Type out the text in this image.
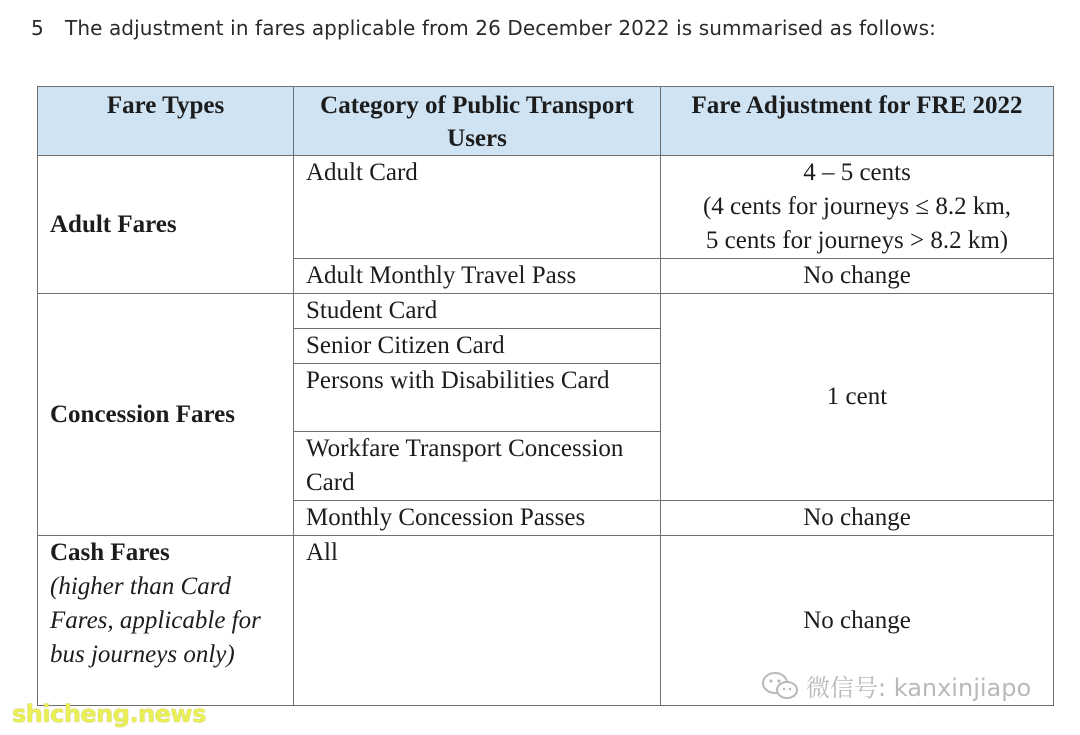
5 The adjustment in fares applicable from 26 December 2022 is summarised as follows:
Fare Types	Category of Public Transport Users	Fare Adjustment for FRE 2022
Adult Fares	Adult Card	4 – 5 cents
(4 cents for journeys ≤ 8.2 km,
5 cents for journeys > 8.2 km)

	Adult Monthly Travel Pass	No change
Concession Fares	Student Card	1 cent
	Senior Citizen Card	
	Persons with Disabilities Card	
	Workfare Transport Concession Card	
	Monthly Concession Passes	No change
Cash Fares
(higher than Card Fares, applicable for bus journeys only)	All	No change
微信号: kanxinjiapo
shicheng.news
